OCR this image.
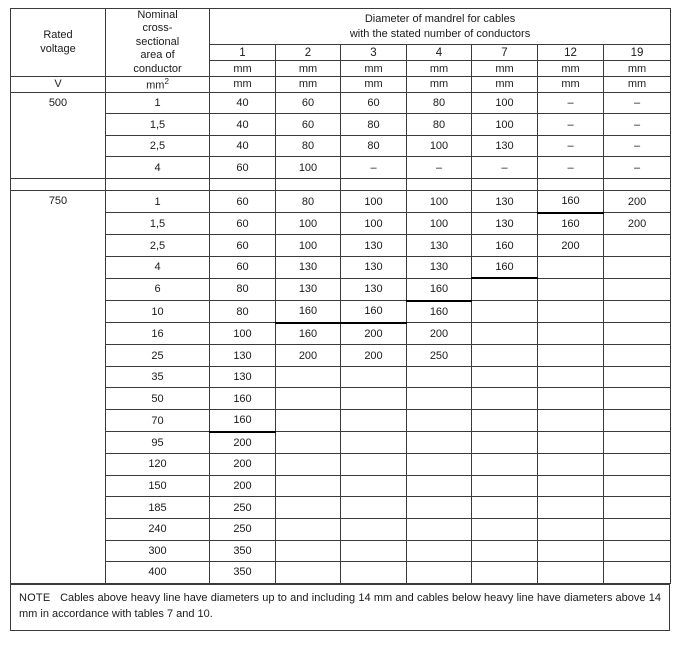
Rated
voltage

Nominal
cross-
sectional
area of
conductor

Diameter of mandrel for cables
with the stated number of conductors

		1	2	3	4	7	12	19
		mm	mm	mm	mm	mm	mm	mm
V	$mm^2$	mm	mm	mm	mm	mm	mm	mm
500	1	40	60	60	80	100	–	–
	1,5	40	60	80	80	100	–	–
	2,5	40	80	80	100	130	–	–
	4	60	100	–	–	–	–	–

750	1	60	80	100	100	130	160	200
	1,5	60	100	100	100	130	160	200
	2,5	60	100	130	130	160	200	
	4	60	130	130	130	160		
	6	80	130	130	160			
	10	80	160	160	160			
	16	100	160	200	200			
	25	130	200	200	250			
	35	130						
	50	160						
	70	160						
	95	200						
	120	200						
	150	200						
	185	250						
	240	250						
	300	350						
	400	350						

NOTE Cables above heavy line have diameters up to and including 14 mm and cables below heavy line have diameters above 14 mm in accordance with tables 7 and 10.
